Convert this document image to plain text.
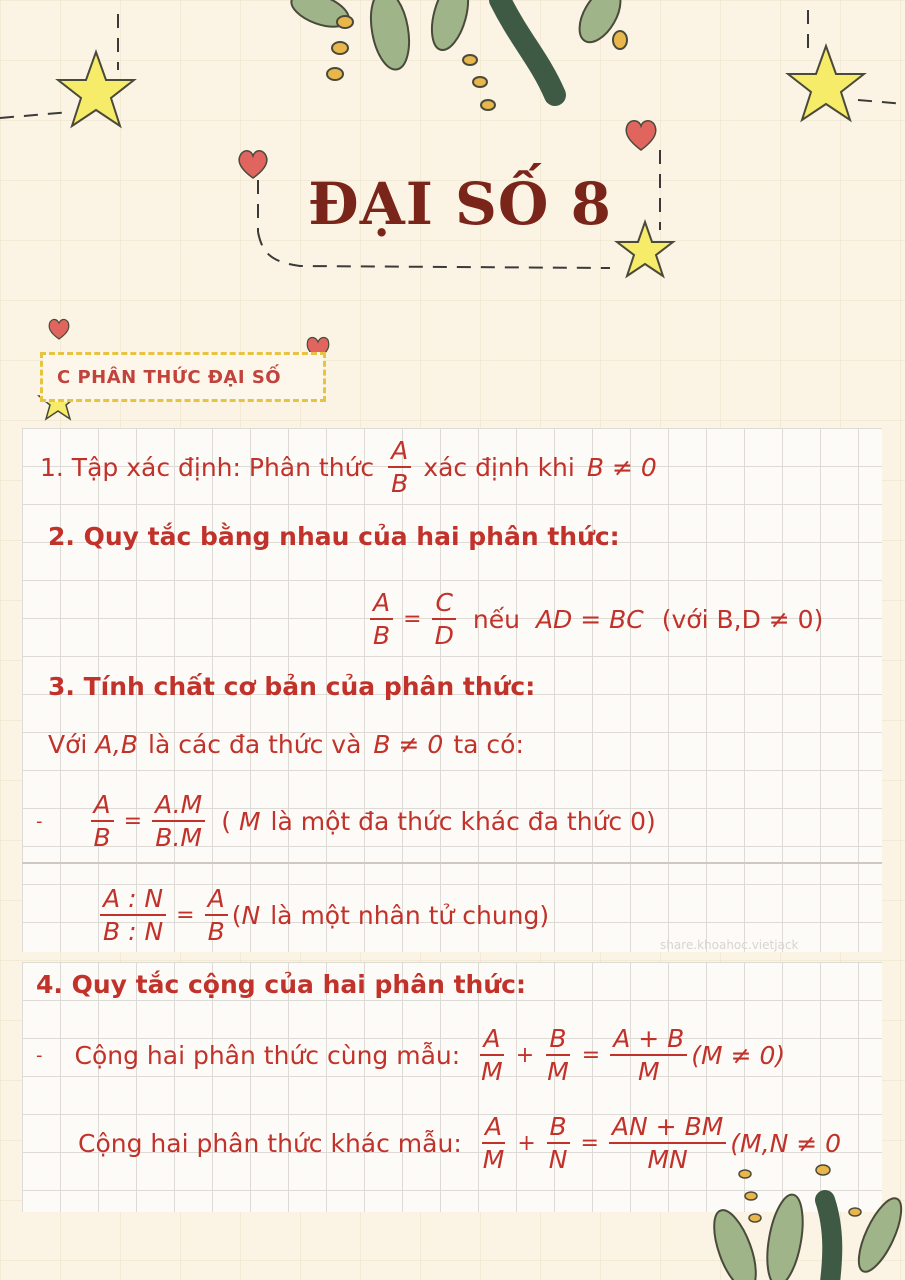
ĐẠI SỐ 8
C PHÂN THỨC ĐẠI SỐ
1. Tập xác định: Phân thức $\frac{A}{B}$ xác định khi B ≠ 0
2. Quy tắc bằng nhau của hai phân thức:
$\frac{A}{B} = \frac{C}{D}$ nếu AD = BC (với B,D ≠ 0)
3. Tính chất cơ bản của phân thức:
Với A,B là các đa thức và B ≠ 0 ta có:
- $\frac{A}{B} = \frac{A.M}{B.M}$ ( M là một đa thức khác đa thức 0)
$\frac{A : N}{B : N} = \frac{A}{B}$ ( N là một nhân tử chung)
share.khoahoc.vietjack
4. Quy tắc cộng của hai phân thức:
- Cộng hai phân thức cùng mẫu: $\frac{A}{M} + \frac{B}{M} = \frac{A + B}{M} (M \ne 0)$
Cộng hai phân thức khác mẫu: $\frac{A}{M} + \frac{B}{N} = \frac{AN + BM}{MN} (M,N \ne 0$
